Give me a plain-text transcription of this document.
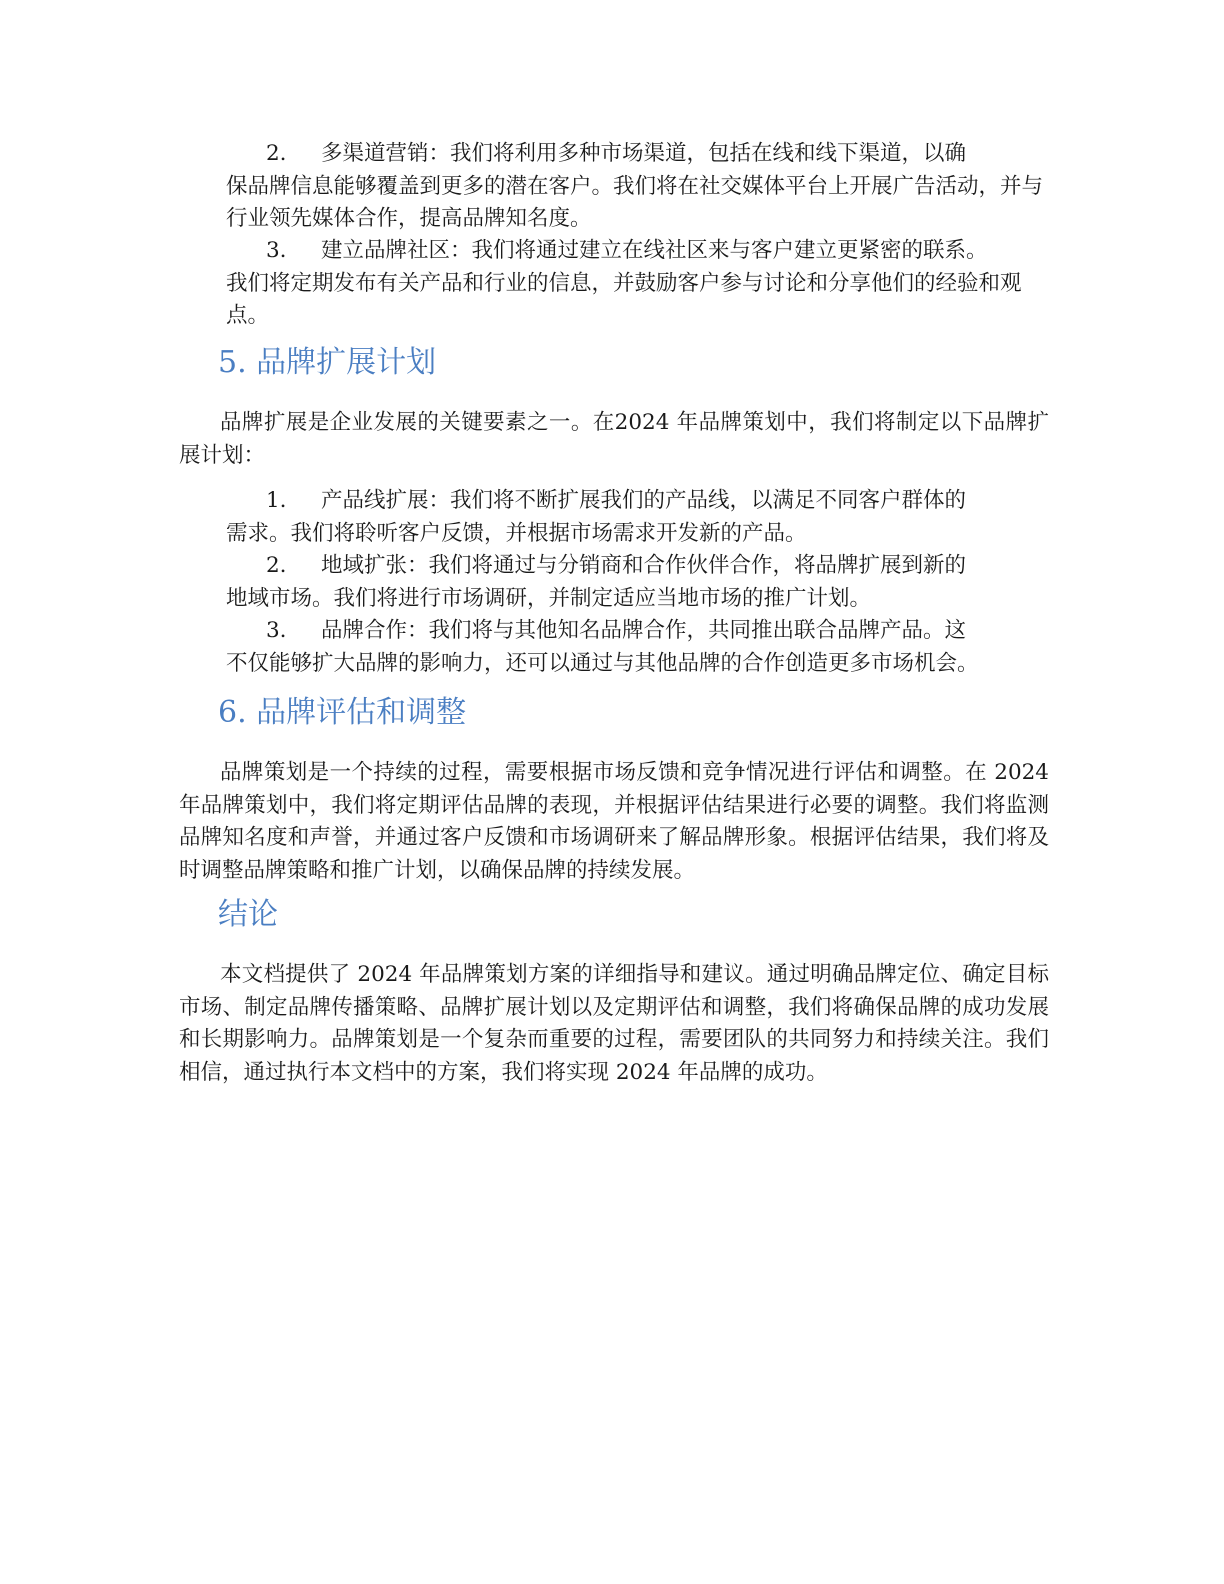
2.	多渠道营销：我们将利用多种市场渠道，包括在线和线下渠道，以确
保品牌信息能够覆盖到更多的潜在客户。我们将在社交媒体平台上开展广告活动，并与行业领先媒体合作，提高品牌知名度。
3.	建立品牌社区：我们将通过建立在线社区来与客户建立更紧密的联系。
我们将定期发布有关产品和行业的信息，并鼓励客户参与讨论和分享他们的经验和观点。
5. 品牌扩展计划

品牌扩展是企业发展的关键要素之一。在2024 年品牌策划中，我们将制定以下品牌扩展计划：

1.	产品线扩展：我们将不断扩展我们的产品线，以满足不同客户群体的
需求。我们将聆听客户反馈，并根据市场需求开发新的产品。
2.	地域扩张：我们将通过与分销商和合作伙伴合作，将品牌扩展到新的
地域市场。我们将进行市场调研，并制定适应当地市场的推广计划。
3.	品牌合作：我们将与其他知名品牌合作，共同推出联合品牌产品。这
不仅能够扩大品牌的影响力，还可以通过与其他品牌的合作创造更多市场机会。
6. 品牌评估和调整

品牌策划是一个持续的过程，需要根据市场反馈和竞争情况进行评估和调整。在 2024 年品牌策划中，我们将定期评估品牌的表现，并根据评估结果进行必要的调整。我们将监测品牌知名度和声誉，并通过客户反馈和市场调研来了解品牌形象。根据评估结果，我们将及时调整品牌策略和推广计划，以确保品牌的持续发展。

结论

本文档提供了 2024 年品牌策划方案的详细指导和建议。通过明确品牌定位、确定目标市场、制定品牌传播策略、品牌扩展计划以及定期评估和调整，我们将确保品牌的成功发展和长期影响力。品牌策划是一个复杂而重要的过程，需要团队的共同努力和持续关注。我们相信，通过执行本文档中的方案，我们将实现 2024 年品牌的成功。
